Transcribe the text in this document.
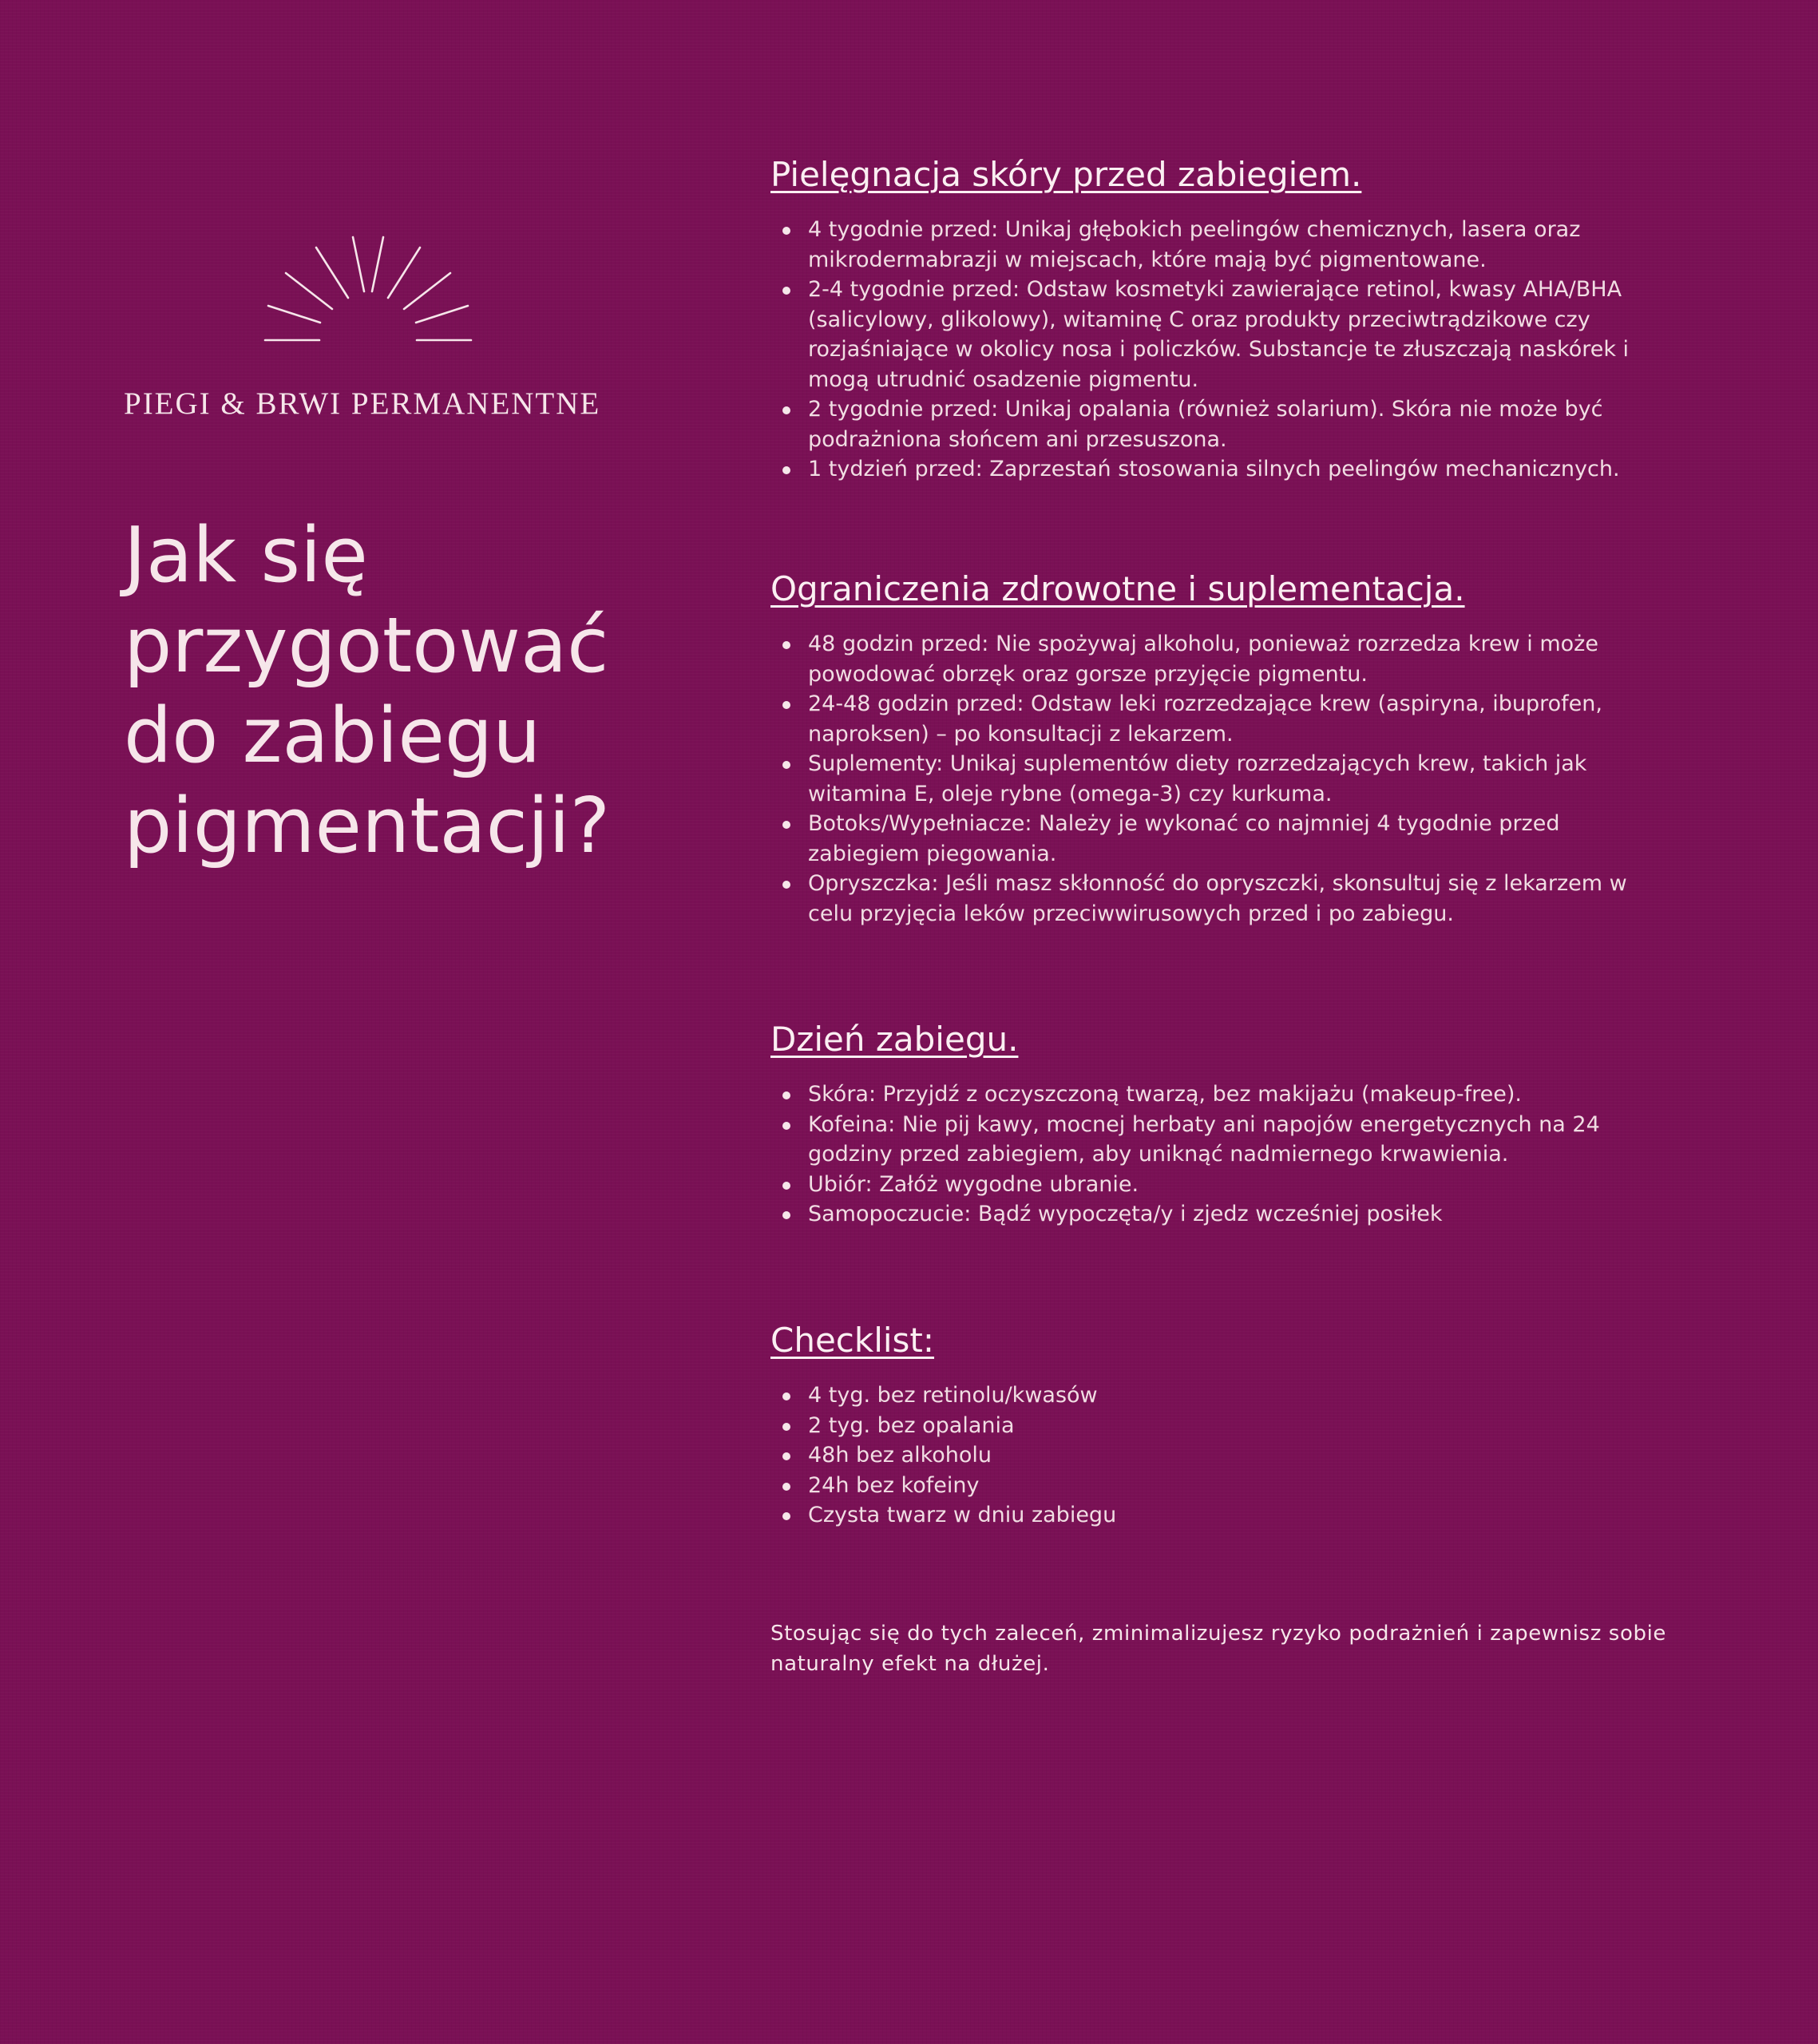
PIEGI & BRWI PERMANENTNE
Jak się
przygotować
do zabiegu
pigmentacji?
Pielęgnacja skóry przed zabiegiem.
4 tygodnie przed: Unikaj głębokich peelingów chemicznych, lasera oraz mikrodermabrazji w miejscach, które mają być pigmentowane.
2-4 tygodnie przed: Odstaw kosmetyki zawierające retinol, kwasy AHA/BHA (salicylowy, glikolowy), witaminę C oraz produkty przeciwtrądzikowe czy rozjaśniające w okolicy nosa i policzków. Substancje te złuszczają naskórek i mogą utrudnić osadzenie pigmentu.
2 tygodnie przed: Unikaj opalania (również solarium). Skóra nie może być podrażniona słońcem ani przesuszona.
1 tydzień przed: Zaprzestań stosowania silnych peelingów mechanicznych.
Ograniczenia zdrowotne i suplementacja.
48 godzin przed: Nie spożywaj alkoholu, ponieważ rozrzedza krew i może powodować obrzęk oraz gorsze przyjęcie pigmentu.
24-48 godzin przed: Odstaw leki rozrzedzające krew (aspiryna, ibuprofen, naproksen) – po konsultacji z lekarzem.
Suplementy: Unikaj suplementów diety rozrzedzających krew, takich jak witamina E, oleje rybne (omega-3) czy kurkuma.
Botoks/Wypełniacze: Należy je wykonać co najmniej 4 tygodnie przed zabiegiem piegowania.
Opryszczka: Jeśli masz skłonność do opryszczki, skonsultuj się z lekarzem w celu przyjęcia leków przeciwwirusowych przed i po zabiegu.
Dzień zabiegu.
Skóra: Przyjdź z oczyszczoną twarzą, bez makijażu (makeup-free).
Kofeina: Nie pij kawy, mocnej herbaty ani napojów energetycznych na 24 godziny przed zabiegiem, aby uniknąć nadmiernego krwawienia.
Ubiór: Załóż wygodne ubranie.
Samopoczucie: Bądź wypoczęta/y i zjedz wcześniej posiłek
Checklist:
4 tyg. bez retinolu/kwasów
2 tyg. bez opalania
48h bez alkoholu
24h bez kofeiny
Czysta twarz w dniu zabiegu

Stosując się do tych zaleceń, zminimalizujesz ryzyko podrażnień i zapewnisz sobie naturalny efekt na dłużej.
